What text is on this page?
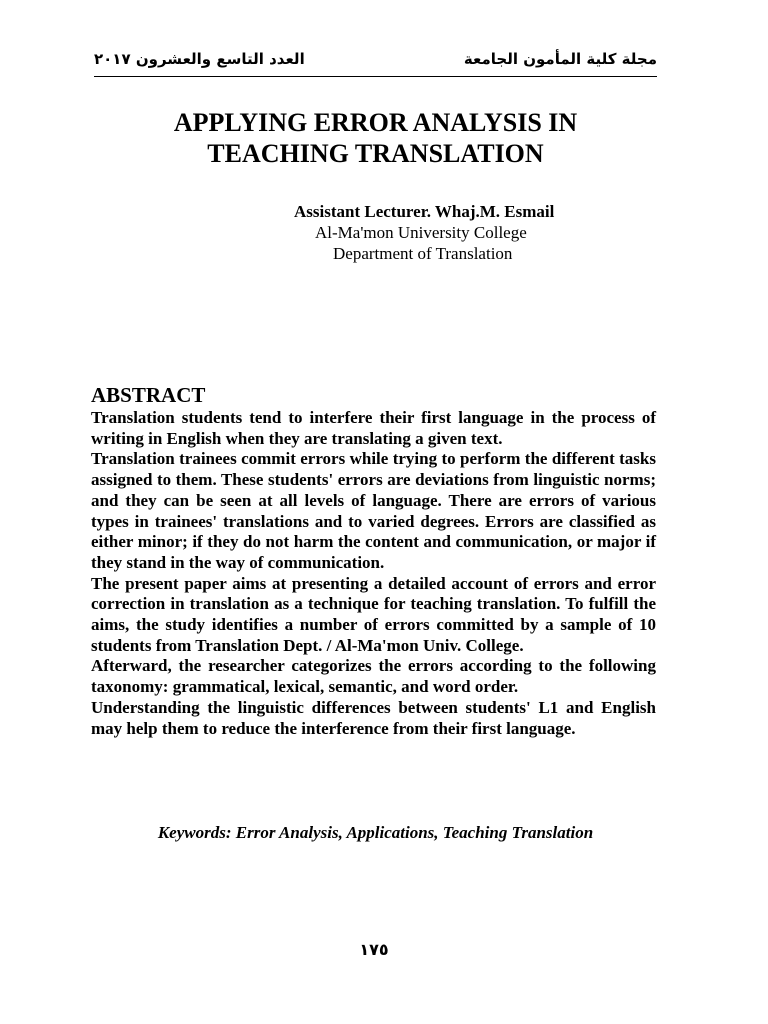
العدد التاسع والعشرون ٢٠١٧	مجلة كلية المأمون الجامعة
APPLYING ERROR ANALYSIS IN
TEACHING TRANSLATION
Assistant Lecturer. Whaj.M. Esmail
Al-Ma'mon University College
Department of Translation
ABSTRACT

Translation students tend to interfere their first language in the process of writing in English when they are translating a given text.

Translation trainees commit errors while trying to perform the different tasks assigned to them. These students' errors are deviations from linguistic norms; and they can be seen at all levels of language. There are errors of various types in trainees' translations and to varied degrees. Errors are classified as either minor; if they do not harm the content and communication, or major if they stand in the way of communication.

The present paper aims at presenting a detailed account of errors and error correction in translation as a technique for teaching translation. To fulfill the aims, the study identifies a number of errors committed by a sample of 10 students from Translation Dept. / Al-Ma'mon Univ. College.

Afterward, the researcher categorizes the errors according to the following taxonomy: grammatical, lexical, semantic, and word order.

Understanding the linguistic differences between students' L1 and English may help them to reduce the interference from their first language.

Keywords: Error Analysis, Applications, Teaching Translation
١٧٥
